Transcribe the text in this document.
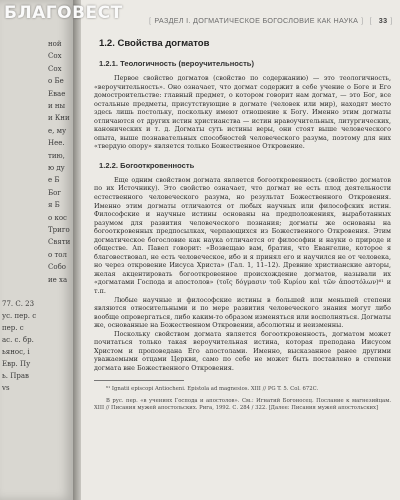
ной
Сох
Сох
о Бе
Евае
и ны
и Кни
е, му
Нее.
тию,
ю ду
е Б
Бог
я Б
о кос
Триго
Святи
о тол
Собо
ие ха
77. С. 23
ус. пер. с
пер. с
ас. с. бр.
ьянос, i
Евр. Пу
ь. Прав
vs
[ РАЗДЕЛ I. ДОГМАТИЧЕСКОЕ БОГОСЛОВИЕ КАК НАУКА ] [ 33 ]
1.2. Свойства догматов
1.2.1. Теологичность (вероучительность)

Первое свойство догматов (свойство по содержанию) — это теологичность, «вероучительность». Оно означает, что догмат содержит в себе учение о Боге и Его домостроительстве: главный предмет, о котором говорит нам догмат, — это Бог, все остальные предметы, присутствующие в догмате (человек или мир), находят место здесь лишь постольку, поскольку имеют отношение к Богу. Именно этим догматы отличаются от других истин христианства — истин нравоучительных, литургических, канонических и т. д. Догматы суть истины веры, они стоят выше человеческого опыта, выше познавательных способностей человеческого разума, поэтому для них «твердую опору» является только Божественное Откровение.

1.2.2. Богооткровенность

Еще одним свойством догмата является богооткровенность (свойство догматов по их Источнику). Это свойство означает, что догмат не есть плод деятельности естественного человеческого разума, но результат Божественного Откровения. Именно этим догматы отличаются от любых научных или философских истин. Философские и научные истины основаны на предположениях, выработанных разумом для развития человеческого познания; догматы же основаны на богооткровенных предпосылках, черпающихся из Божественного Откровения. Этим догматическое богословие как наука отличается от философии и науки о природе и обществе. Ап. Павел говорит: «Возвещаю вам, братия, что Евангелие, которое я благовествовал, не есть человеческое, ибо и я принял его и научился не от человека, но через откровение Иисуса Христа» (Гал. 1, 11–12). Древние христианские авторы, желая акцентировать богооткровенное происхождение догматов, называли их «догматами Господа и апостолов» (τοῖς δόγμασιν τοῦ Κυρίου καὶ τῶν ἀποστόλων)⁶¹ и т.п.

Любые научные и философские истины в большей или меньшей степени являются относительными и по мере развития человеческого знания могут либо вообще опровергаться, либо каким-то образом изменяться или восполняться. Догматы же, основанные на Божественном Откровении, абсолютны и неизменны.

Поскольку свойством догмата является богооткровенность, догматом может почитаться только такая вероучительная истина, которая преподана Иисусом Христом и проповедана Его апостолами. Именно, высказанное ранее другими уважаемыми отцами Церкви, само по себе не может быть поставлено в степени догмата вне Божественного Откровения.

⁶¹ Ignatii episcopi Antiocheni. Epistola ad magnesios. XIII // PG T. 5. Col. 672C.

В рус. пер. «в учениях Господа и апостолов». См.: Игнатий Богоносец. Послание к магнезийцам. XIII // Писания мужей апостольских. Рига, 1992. С. 284 / 322. [Далее: Писания мужей апостольских]

БЛАГОВЕСТ
